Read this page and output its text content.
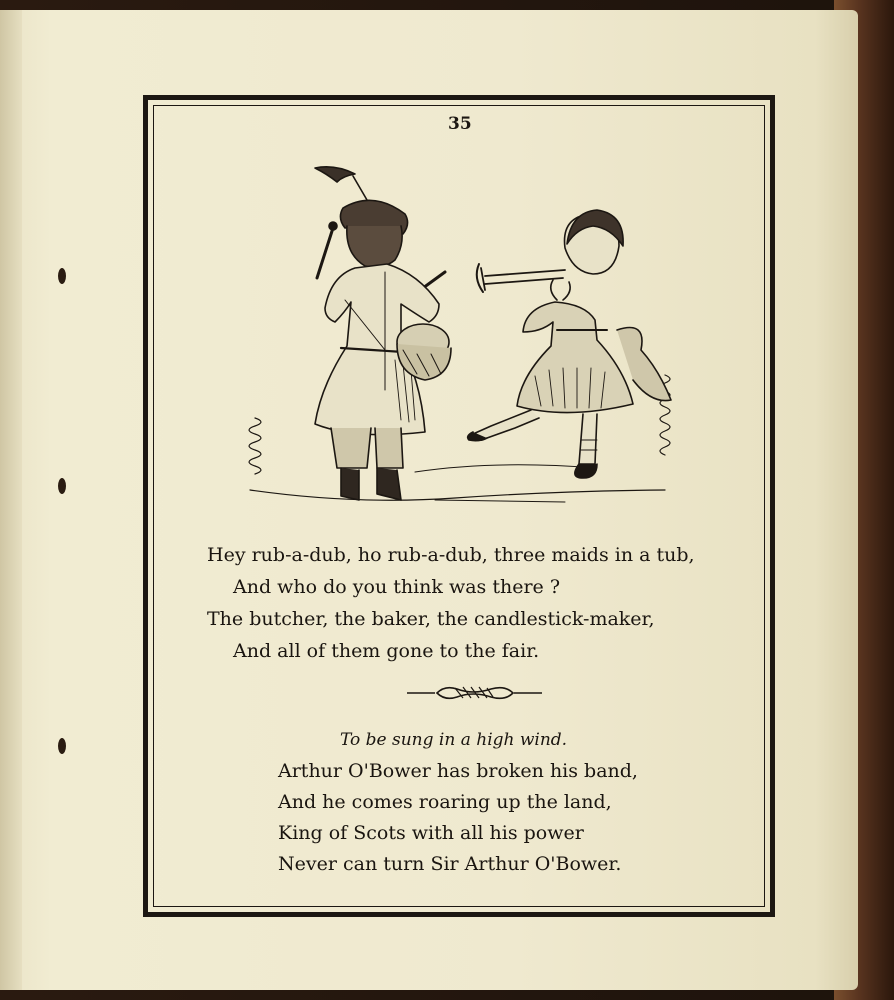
35
Hey rub-a-dub, ho rub-a-dub, three maids in a tub,
And who do you think was there ?
The butcher, the baker, the candlestick-maker,
And all of them gone to the fair.
To be sung in a high wind.
Arthur O'Bower has broken his band,
And he comes roaring up the land,
King of Scots with all his power
Never can turn Sir Arthur O'Bower.
